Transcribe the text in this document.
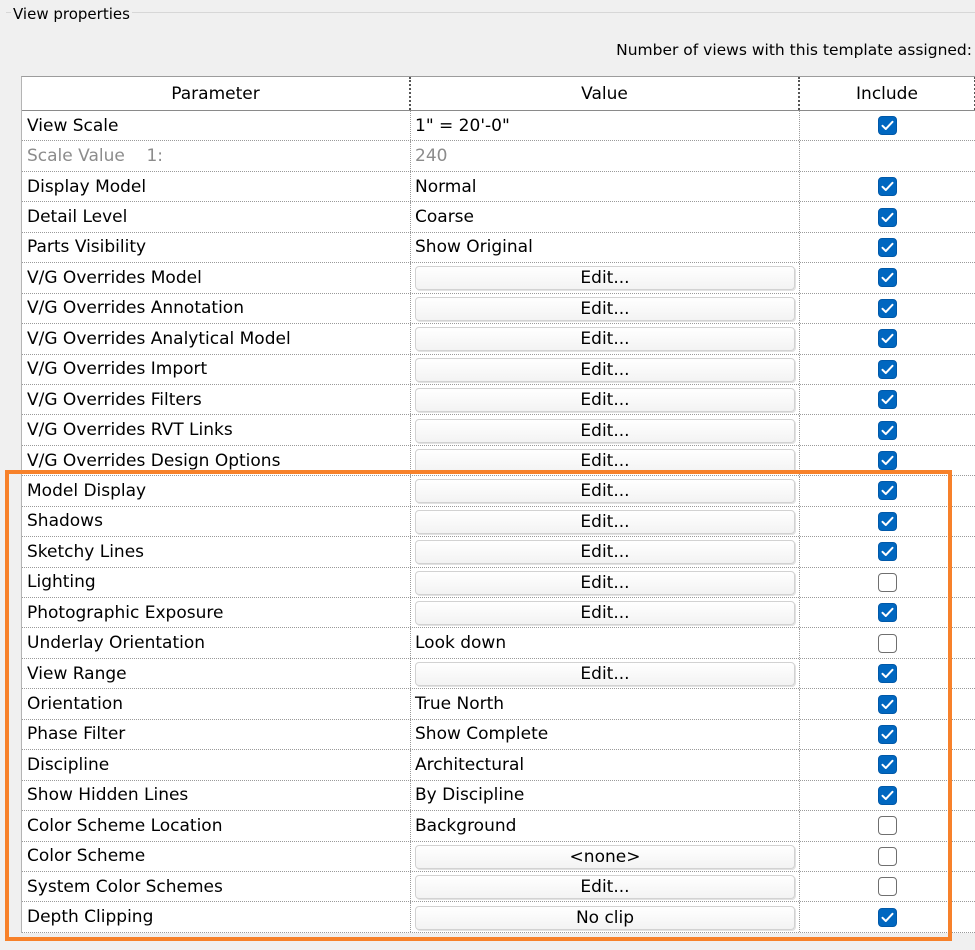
View properties
Number of views with this template assigned:
Parameter	Value	Include
View Scale	1" = 20'-0"
Scale Value    1:	240
Display Model	Normal
Detail Level	Coarse
Parts Visibility	Show Original
V/G Overrides Model	Edit...
V/G Overrides Annotation	Edit...
V/G Overrides Analytical Model	Edit...
V/G Overrides Import	Edit...
V/G Overrides Filters	Edit...
V/G Overrides RVT Links	Edit...
V/G Overrides Design Options	Edit...
Model Display	Edit...
Shadows	Edit...
Sketchy Lines	Edit...
Lighting	Edit...
Photographic Exposure	Edit...
Underlay Orientation	Look down
View Range	Edit...
Orientation	True North
Phase Filter	Show Complete
Discipline	Architectural
Show Hidden Lines	By Discipline
Color Scheme Location	Background
Color Scheme	<none>
System Color Schemes	Edit...
Depth Clipping	No clip
